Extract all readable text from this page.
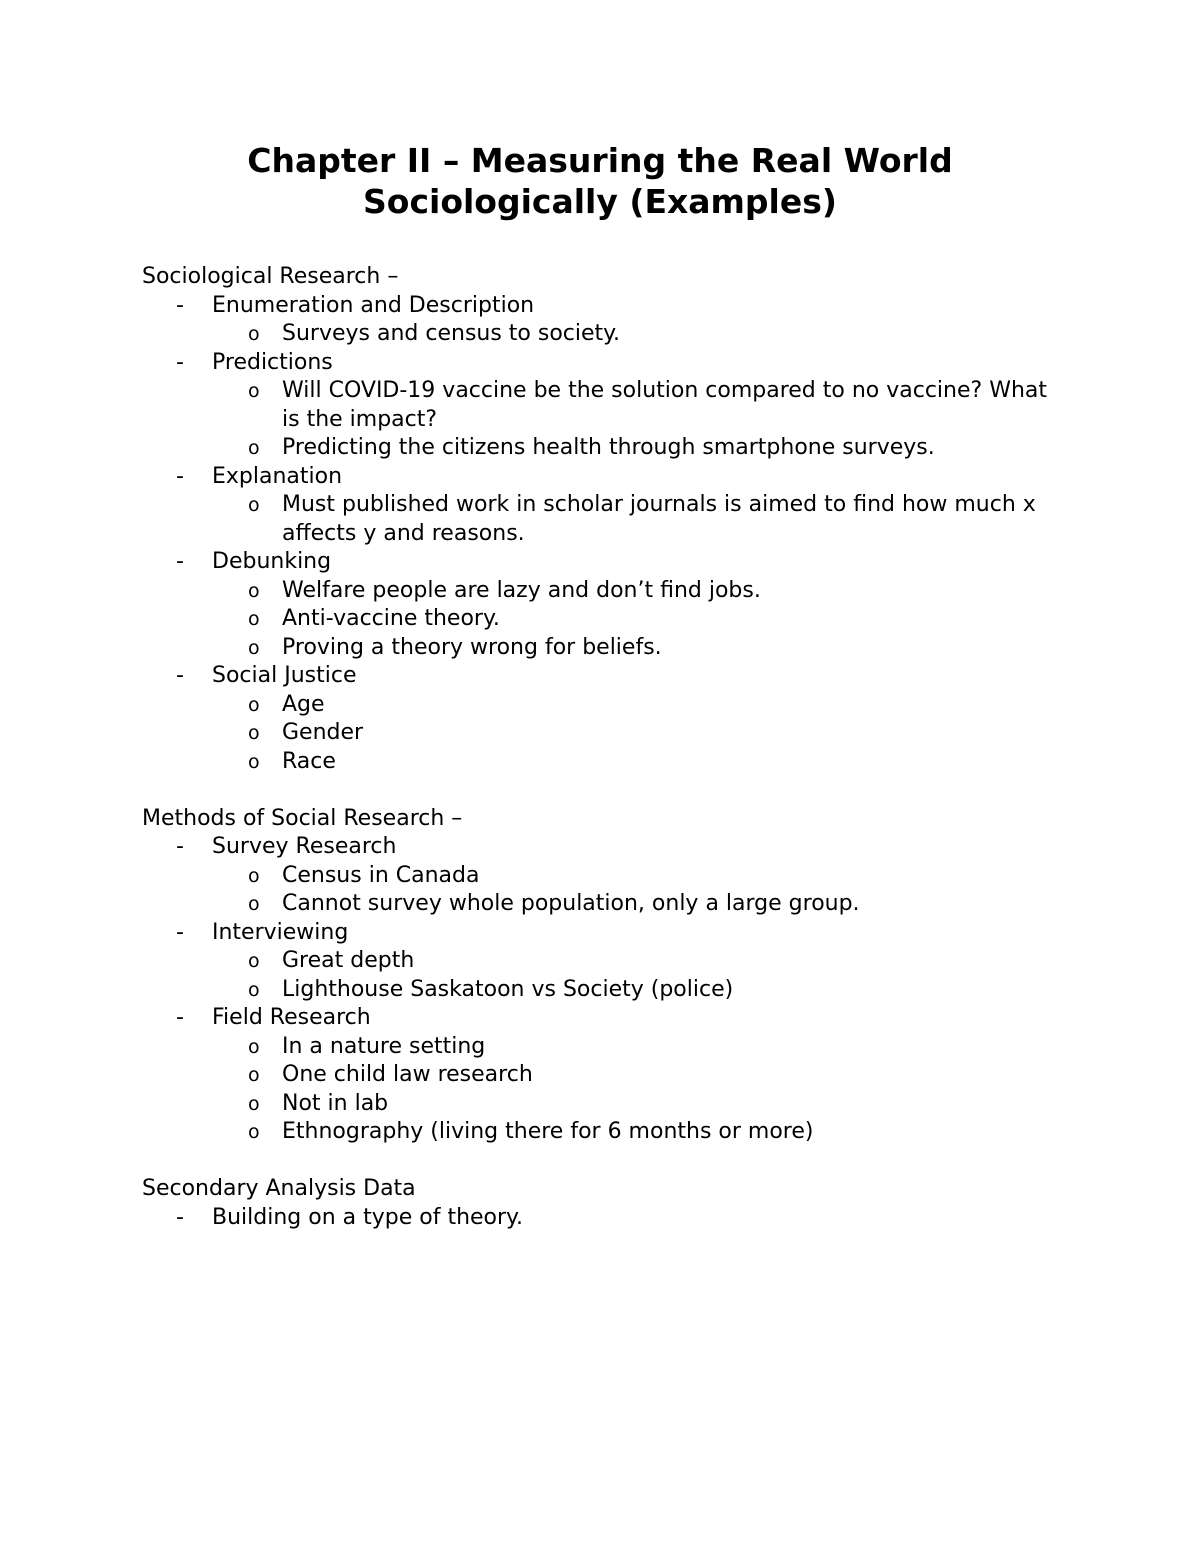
Chapter II – Measuring the Real World
Sociologically (Examples)

Sociological Research –

- Enumeration and Description
o Surveys and census to society.
- Predictions
o Will COVID-19 vaccine be the solution compared to no vaccine? What is the impact?
o Predicting the citizens health through smartphone surveys.
- Explanation
o Must published work in scholar journals is aimed to find how much x affects y and reasons.
- Debunking
o Welfare people are lazy and don’t find jobs.
o Anti-vaccine theory.
o Proving a theory wrong for beliefs.
- Social Justice
o Age
o Gender
o Race

Methods of Social Research –

- Survey Research
o Census in Canada
o Cannot survey whole population, only a large group.
- Interviewing
o Great depth
o Lighthouse Saskatoon vs Society (police)
- Field Research
o In a nature setting
o One child law research
o Not in lab
o Ethnography (living there for 6 months or more)

Secondary Analysis Data

- Building on a type of theory.
